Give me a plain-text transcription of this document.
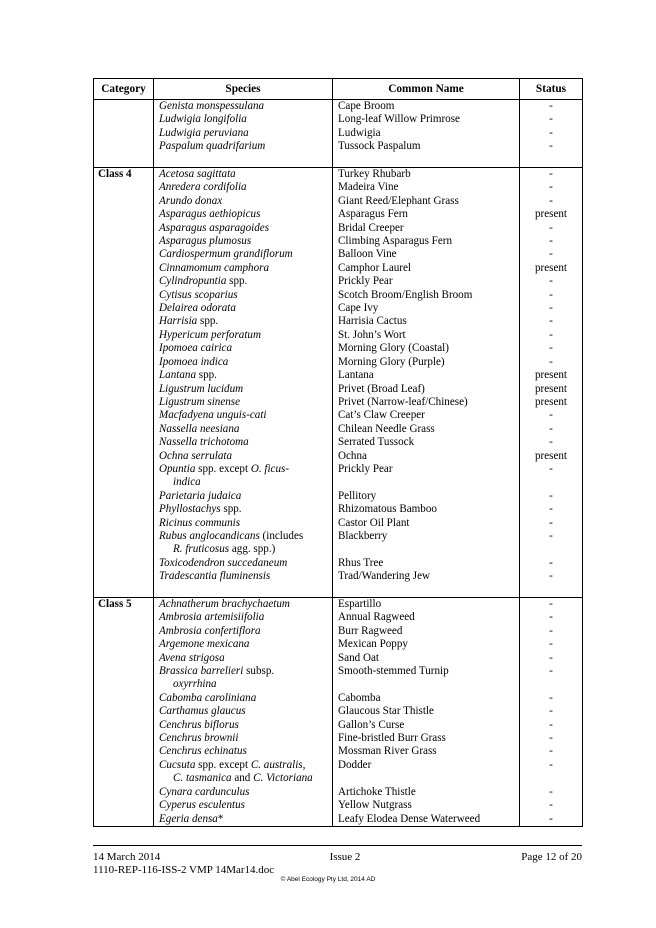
Category	Species	Common Name	Status

	Genista monspessulana	Cape Broom	-

	Ludwigia longifolia	Long-leaf Willow Primrose	-

	Ludwigia peruviana	Ludwigia	-

	Paspalum quadrifarium	Tussock Paspalum	-

Class 4	Acetosa sagittata	Turkey Rhubarb	-

	Anredera cordifolia	Madeira Vine	-

	Arundo donax	Giant Reed/Elephant Grass	-

	Asparagus aethiopicus	Asparagus Fern	present

	Asparagus asparagoides	Bridal Creeper	-

	Asparagus plumosus	Climbing Asparagus Fern	-

	Cardiospermum grandiflorum	Balloon Vine	-

	Cinnamomum camphora	Camphor Laurel	present

	Cylindropuntia spp.	Prickly Pear	-

	Cytisus scoparius	Scotch Broom/English Broom	-

	Delairea odorata	Cape Ivy	-

	Harrisia spp.	Harrisia Cactus	-

	Hypericum perforatum	St. John’s Wort	-

	Ipomoea cairica	Morning Glory (Coastal)	-

	Ipomoea indica	Morning Glory (Purple)	-

	Lantana spp.	Lantana	present

	Ligustrum lucidum	Privet (Broad Leaf)	present

	Ligustrum sinense	Privet (Narrow-leaf/Chinese)	present

	Macfadyena unguis-cati	Cat’s Claw Creeper	-

	Nassella neesiana	Chilean Needle Grass	-

	Nassella trichotoma	Serrated Tussock	-

	Ochna serrulata	Ochna	present

	Opuntia spp. except O. ficus-
indica	Prickly Pear	-

	Parietaria judaica	Pellitory	-

	Phyllostachys spp.	Rhizomatous Bamboo	-

	Ricinus communis	Castor Oil Plant	-

	Rubus anglocandicans (includes
R. fruticosus agg. spp.)	Blackberry	-

	Toxicodendron succedaneum	Rhus Tree	-

	Tradescantia fluminensis	Trad/Wandering Jew	-

Class 5	Achnatherum brachychaetum	Espartillo	-

	Ambrosia artemisiifolia	Annual Ragweed	-

	Ambrosia confertiflora	Burr Ragweed	-

	Argemone mexicana	Mexican Poppy	-

	Avena strigosa	Sand Oat	-

	Brassica barrelieri subsp.
oxyrrhina	Smooth-stemmed Turnip	-

	Cabomba caroliniana	Cabomba	-

	Carthamus glaucus	Glaucous Star Thistle	-

	Cenchrus biflorus	Gallon’s Curse	-

	Cenchrus brownii	Fine-bristled Burr Grass	-

	Cenchrus echinatus	Mossman River Grass	-

	Cucsuta spp. except C. australis,
C. tasmanica and C. Victoriana	Dodder	-

	Cynara cardunculus	Artichoke Thistle	-

	Cyperus esculentus	Yellow Nutgrass	-

	Egeria densa*	Leafy Elodea Dense Waterweed	-
14 March 2014
1110-REP-116-ISS-2 VMP 14Mar14.doc
Issue 2	Page 12 of 20
© Abel Ecology Pty Ltd, 2014 AD
